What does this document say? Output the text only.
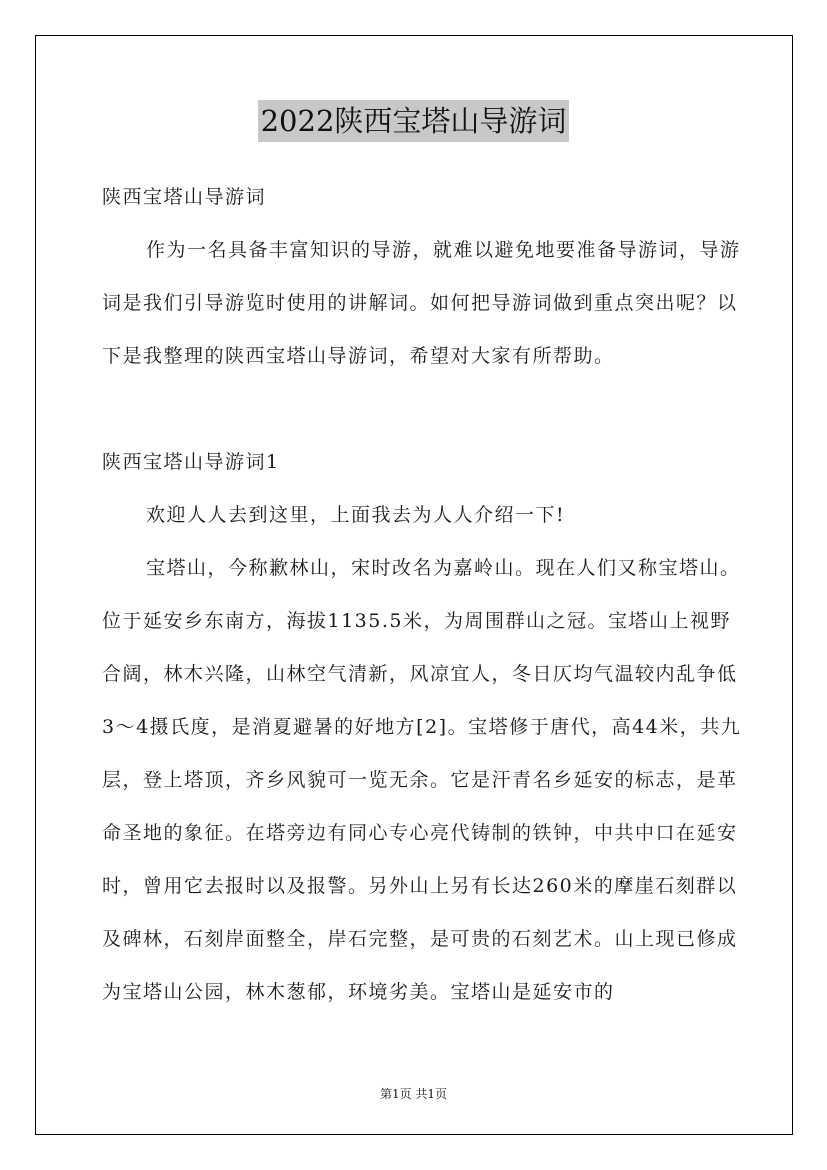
2022陕西宝塔山导游词

陕西宝塔山导游词

作为一名具备丰富知识的导游，就难以避免地要准备导游词，导游词是我们引导游览时使用的讲解词。如何把导游词做到重点突出呢？以下是我整理的陕西宝塔山导游词，希望对大家有所帮助。

陕西宝塔山导游词1

欢迎人人去到这里，上面我去为人人介绍一下!

宝塔山，今称歉林山，宋时改名为嘉岭山。现在人们又称宝塔山。位于延安乡东南方，海拔1135.5米，为周围群山之冠。宝塔山上视野合阔，林木兴隆，山林空气清新，风凉宜人，冬日仄均气温较内乱争低3～4摄氏度，是消夏避暑的好地方[2]。宝塔修于唐代，高44米，共九层，登上塔顶，齐乡风貌可一览无余。它是汗青名乡延安的标志，是革命圣地的象征。在塔旁边有同心专心亮代铸制的铁钟，中共中口在延安时，曾用它去报时以及报警。另外山上另有长达260米的摩崖石刻群以及碑林，石刻岸面整全，岸石完整，是可贵的石刻艺术。山上现已修成为宝塔山公园，林木葱郁，环境劣美。宝塔山是延安市的

第1页 共1页
